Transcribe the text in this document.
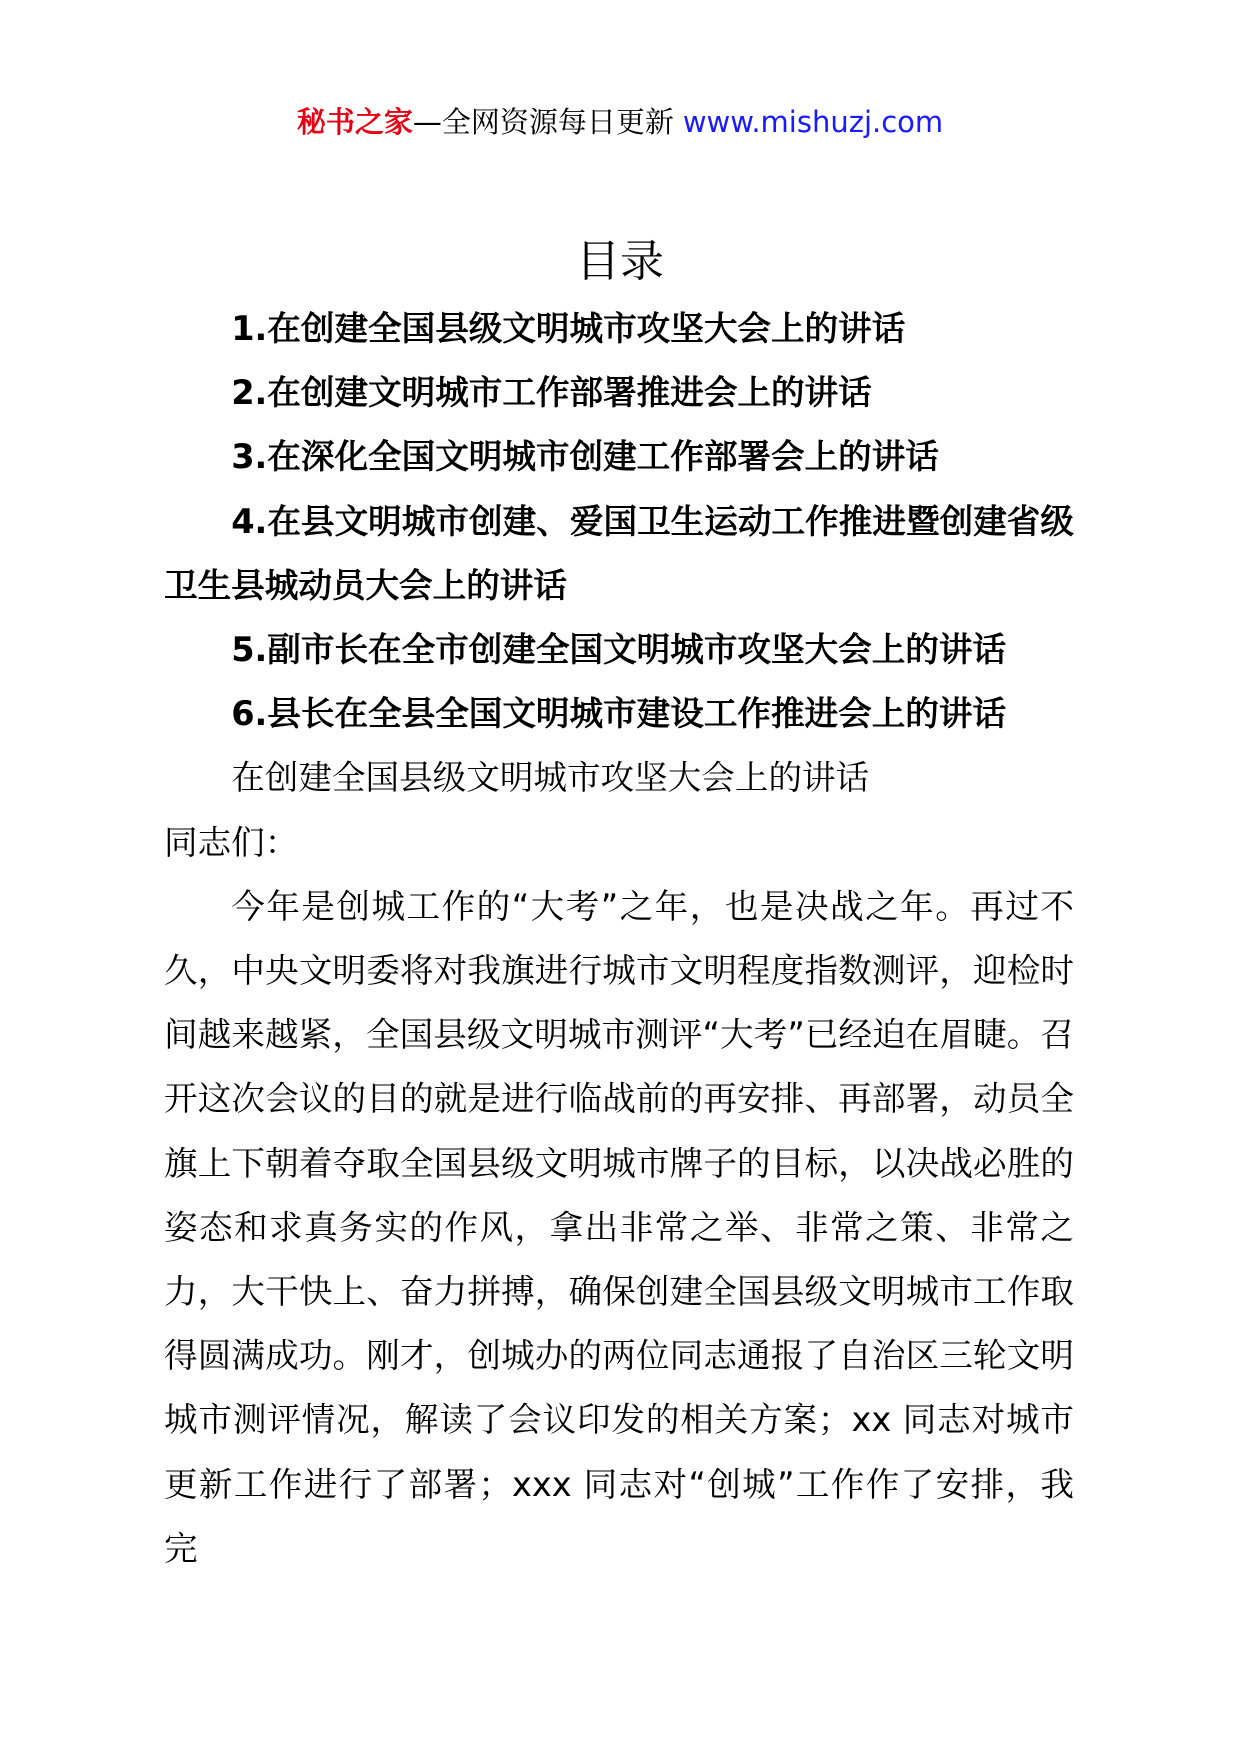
秘书之家—全网资源每日更新 www.mishuzj.com
目录

1.在创建全国县级文明城市攻坚大会上的讲话

2.在创建文明城市工作部署推进会上的讲话

3.在深化全国文明城市创建工作部署会上的讲话

4.在县文明城市创建、爱国卫生运动工作推进暨创建省级卫生县城动员大会上的讲话

5.副市长在全市创建全国文明城市攻坚大会上的讲话

6.县长在全县全国文明城市建设工作推进会上的讲话

在创建全国县级文明城市攻坚大会上的讲话

同志们：

今年是创城工作的“大考”之年，也是决战之年。再过不久，中央文明委将对我旗进行城市文明程度指数测评，迎检时间越来越紧，全国县级文明城市测评“大考”已经迫在眉睫。召开这次会议的目的就是进行临战前的再安排、再部署，动员全旗上下朝着夺取全国县级文明城市牌子的目标，以决战必胜的姿态和求真务实的作风，拿出非常之举、非常之策、非常之力，大干快上、奋力拼搏，确保创建全国县级文明城市工作取得圆满成功。刚才，创城办的两位同志通报了自治区三轮文明城市测评情况，解读了会议印发的相关方案；xx 同志对城市更新工作进行了部署；xxx 同志对“创城”工作作了安排，我完
